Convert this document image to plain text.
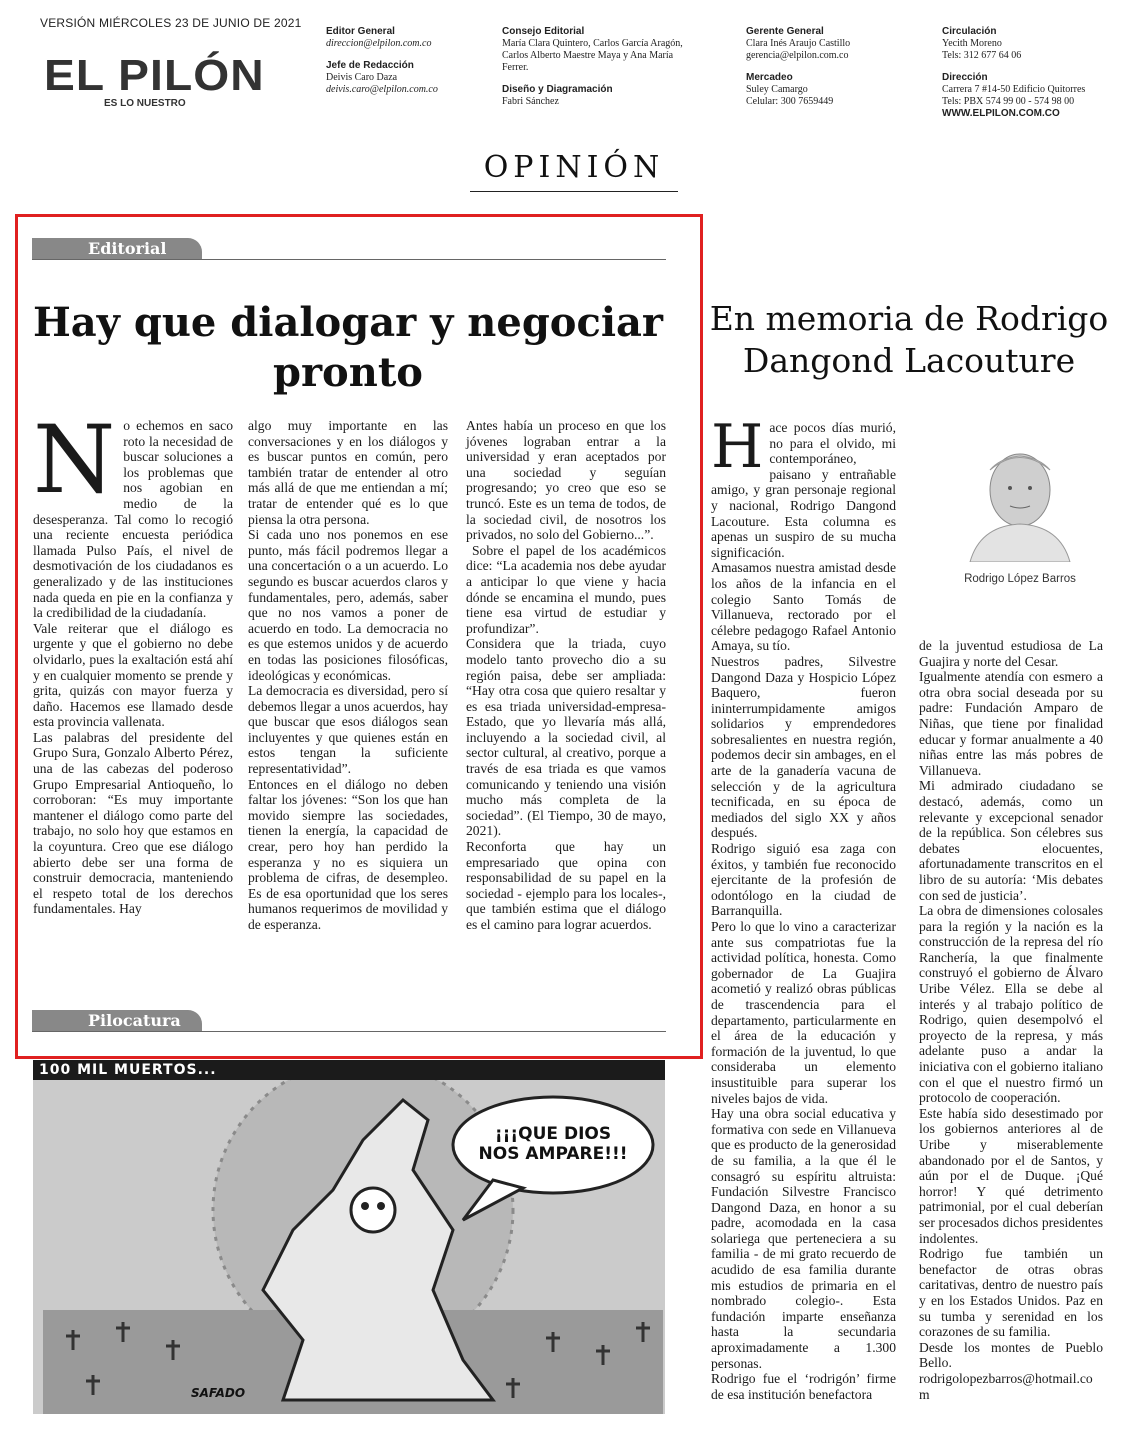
VERSIÓN MIÉRCOLES 23 DE JUNIO DE 2021
EL PILÓN
ES LO NUESTRO
Editor General
direccion@elpilon.com.co

Jefe de Redacción
Deivis Caro Daza
deivis.caro@elpilon.com.co
Consejo Editorial
María Clara Quintero, Carlos García Aragón,
Carlos Alberto Maestre Maya y Ana María
Ferrer.

Diseño y Diagramación
Fabri Sánchez
Gerente General
Clara Inés Araujo Castillo
gerencia@elpilon.com.co

Mercadeo
Suley Camargo
Celular: 300 7659449
Circulación
Yecith Moreno
Tels: 312 677 64 06

Dirección
Carrera 7 #14-50 Edificio Quitorres
Tels: PBX 574 99 00 - 574 98 00
WWW.ELPILON.COM.CO
OPINIÓN
Editorial
Hay que dialogar y negociar pronto

No echemos en saco roto la necesidad de buscar soluciones a los problemas que nos agobian en medio de la desesperanza. Tal como lo recogió una reciente encuesta periódica llamada Pulso País, el nivel de desmotivación de los ciudadanos es generalizado y de las instituciones nada queda en pie en la confianza y la credibilidad de la ciudadanía.

Vale reiterar que el diálogo es urgente y que el gobierno no debe olvidarlo, pues la exaltación está ahí y en cualquier momento se prende y grita, quizás con mayor fuerza y daño. Hacemos ese llamado desde esta provincia vallenata.

Las palabras del presidente del Grupo Sura, Gonzalo Alberto Pérez, una de las cabezas del poderoso Grupo Empresarial Antioqueño, lo corroboran: “Es muy importante mantener el diálogo como parte del trabajo, no solo hoy que estamos en la coyuntura. Creo que ese diálogo abierto debe ser una forma de construir democracia, manteniendo el respeto total de los derechos fundamentales. Hay

algo muy importante en las conversaciones y en los diálogos y es buscar puntos en común, pero también tratar de entender al otro más allá de que me entiendan a mí; tratar de entender qué es lo que piensa la otra persona.

Si cada uno nos ponemos en ese punto, más fácil podremos llegar a una concertación o a un acuerdo. Lo segundo es buscar acuerdos claros y fundamentales, pero, además, saber que no nos vamos a poner de acuerdo en todo. La democracia no es que estemos unidos y de acuerdo en todas las posiciones filosóficas, ideológicas y económicas.

La democracia es diversidad, pero sí debemos llegar a unos acuerdos, hay que buscar que esos diálogos sean incluyentes y que quienes están en estos tengan la suficiente representatividad”.

Entonces en el diálogo no deben faltar los jóvenes: “Son los que han movido siempre las sociedades, tienen la energía, la capacidad de crear, pero hoy han perdido la esperanza y no es siquiera un problema de cifras, de desempleo. Es de esa oportunidad que los seres humanos requerimos de movilidad y de esperanza.

Antes había un proceso en que los jóvenes lograban entrar a la universidad y eran aceptados por una sociedad y seguían progresando; yo creo que eso se truncó. Este es un tema de todos, de la sociedad civil, de nosotros los privados, no solo del Gobierno...”.

Sobre el papel de los académicos dice: “La academia nos debe ayudar a anticipar lo que viene y hacia dónde se encamina el mundo, pues tiene esa virtud de estudiar y profundizar”.

Considera que la triada, cuyo modelo tanto provecho dio a su región paisa, debe ser ampliada: “Hay otra cosa que quiero resaltar y es esa triada universidad-empresa-Estado, que yo llevaría más allá, incluyendo a la sociedad civil, al sector cultural, al creativo, porque a través de esa triada es que vamos comunicando y teniendo una visión mucho más completa de la sociedad”. (El Tiempo, 30 de mayo, 2021).

Reconforta que hay un empresariado que opina con responsabilidad de su papel en la sociedad - ejemplo para los locales-, que también estima que el diálogo es el camino para lograr acuerdos.

Pilocatura
100 MIL MUERTOS...
¡¡¡QUE DIOS
NOS AMPARE!!!
SAFADO
En memoria de Rodrigo
Dangond Lacouture
Rodrigo López Barros

Hace pocos días murió, no para el olvido, mi contemporáneo, paisano y entrañable amigo, y gran personaje regional y nacional, Rodrigo Dangond Lacouture. Esta columna es apenas un suspiro de su mucha significación.

Amasamos nuestra amistad desde los años de la infancia en el colegio Santo Tomás de Villanueva, rectorado por el célebre pedagogo Rafael Antonio Amaya, su tío.

Nuestros padres, Silvestre Dangond Daza y Hospicio López Baquero, fueron ininterrumpidamente amigos solidarios y emprendedores sobresalientes en nuestra región, podemos decir sin ambages, en el arte de la ganadería vacuna de selección y de la agricultura tecnificada, en su época de mediados del siglo XX y años después.

Rodrigo siguió esa zaga con éxitos, y también fue reconocido ejercitante de la profesión de odontólogo en la ciudad de Barranquilla.

Pero lo que lo vino a caracterizar ante sus compatriotas fue la actividad política, honesta. Como gobernador de La Guajira acometió y realizó obras públicas de trascendencia para el departamento, particularmente en el área de la educación y formación de la juventud, lo que consideraba un elemento insustituible para superar los niveles bajos de vida.

Hay una obra social educativa y formativa con sede en Villanueva que es producto de la generosidad de su familia, a la que él le consagró su espíritu altruista: Fundación Silvestre Francisco Dangond Daza, en honor a su padre, acomodada en la casa solariega que perteneciera a su familia - de mi grato recuerdo de acudido de esa familia durante mis estudios de primaria en el nombrado colegio-. Esta fundación imparte enseñanza hasta la secundaria aproximadamente a 1.300 personas.

Rodrigo fue el ‘rodrigón’ firme de esa institución benefactora

de la juventud estudiosa de La Guajira y norte del Cesar.

Igualmente atendía con esmero a otra obra social deseada por su padre: Fundación Amparo de Niñas, que tiene por finalidad educar y formar anualmente a 40 niñas entre las más pobres de Villanueva.

Mi admirado ciudadano se destacó, además, como un relevante y excepcional senador de la república. Son célebres sus debates elocuentes, afortunadamente transcritos en el libro de su autoría: ‘Mis debates con sed de justicia’.

La obra de dimensiones colosales para la región y la nación es la construcción de la represa del río Ranchería, la que finalmente construyó el gobierno de Álvaro Uribe Vélez. Ella se debe al interés y al trabajo político de Rodrigo, quien desempolvó el proyecto de la represa, y más adelante puso a andar la iniciativa con el gobierno italiano con el que el nuestro firmó un protocolo de cooperación.

Este había sido desestimado por los gobiernos anteriores al de Uribe y miserablemente abandonado por el de Santos, y aún por el de Duque. ¡Qué horror! Y qué detrimento patrimonial, por el cual deberían ser procesados dichos presidentes indolentes.

Rodrigo fue también un benefactor de otras obras caritativas, dentro de nuestro país y en los Estados Unidos. Paz en su tumba y serenidad en los corazones de su familia.

Desde los montes de Pueblo Bello.

rodrigolopezbarros@hotmail.com
